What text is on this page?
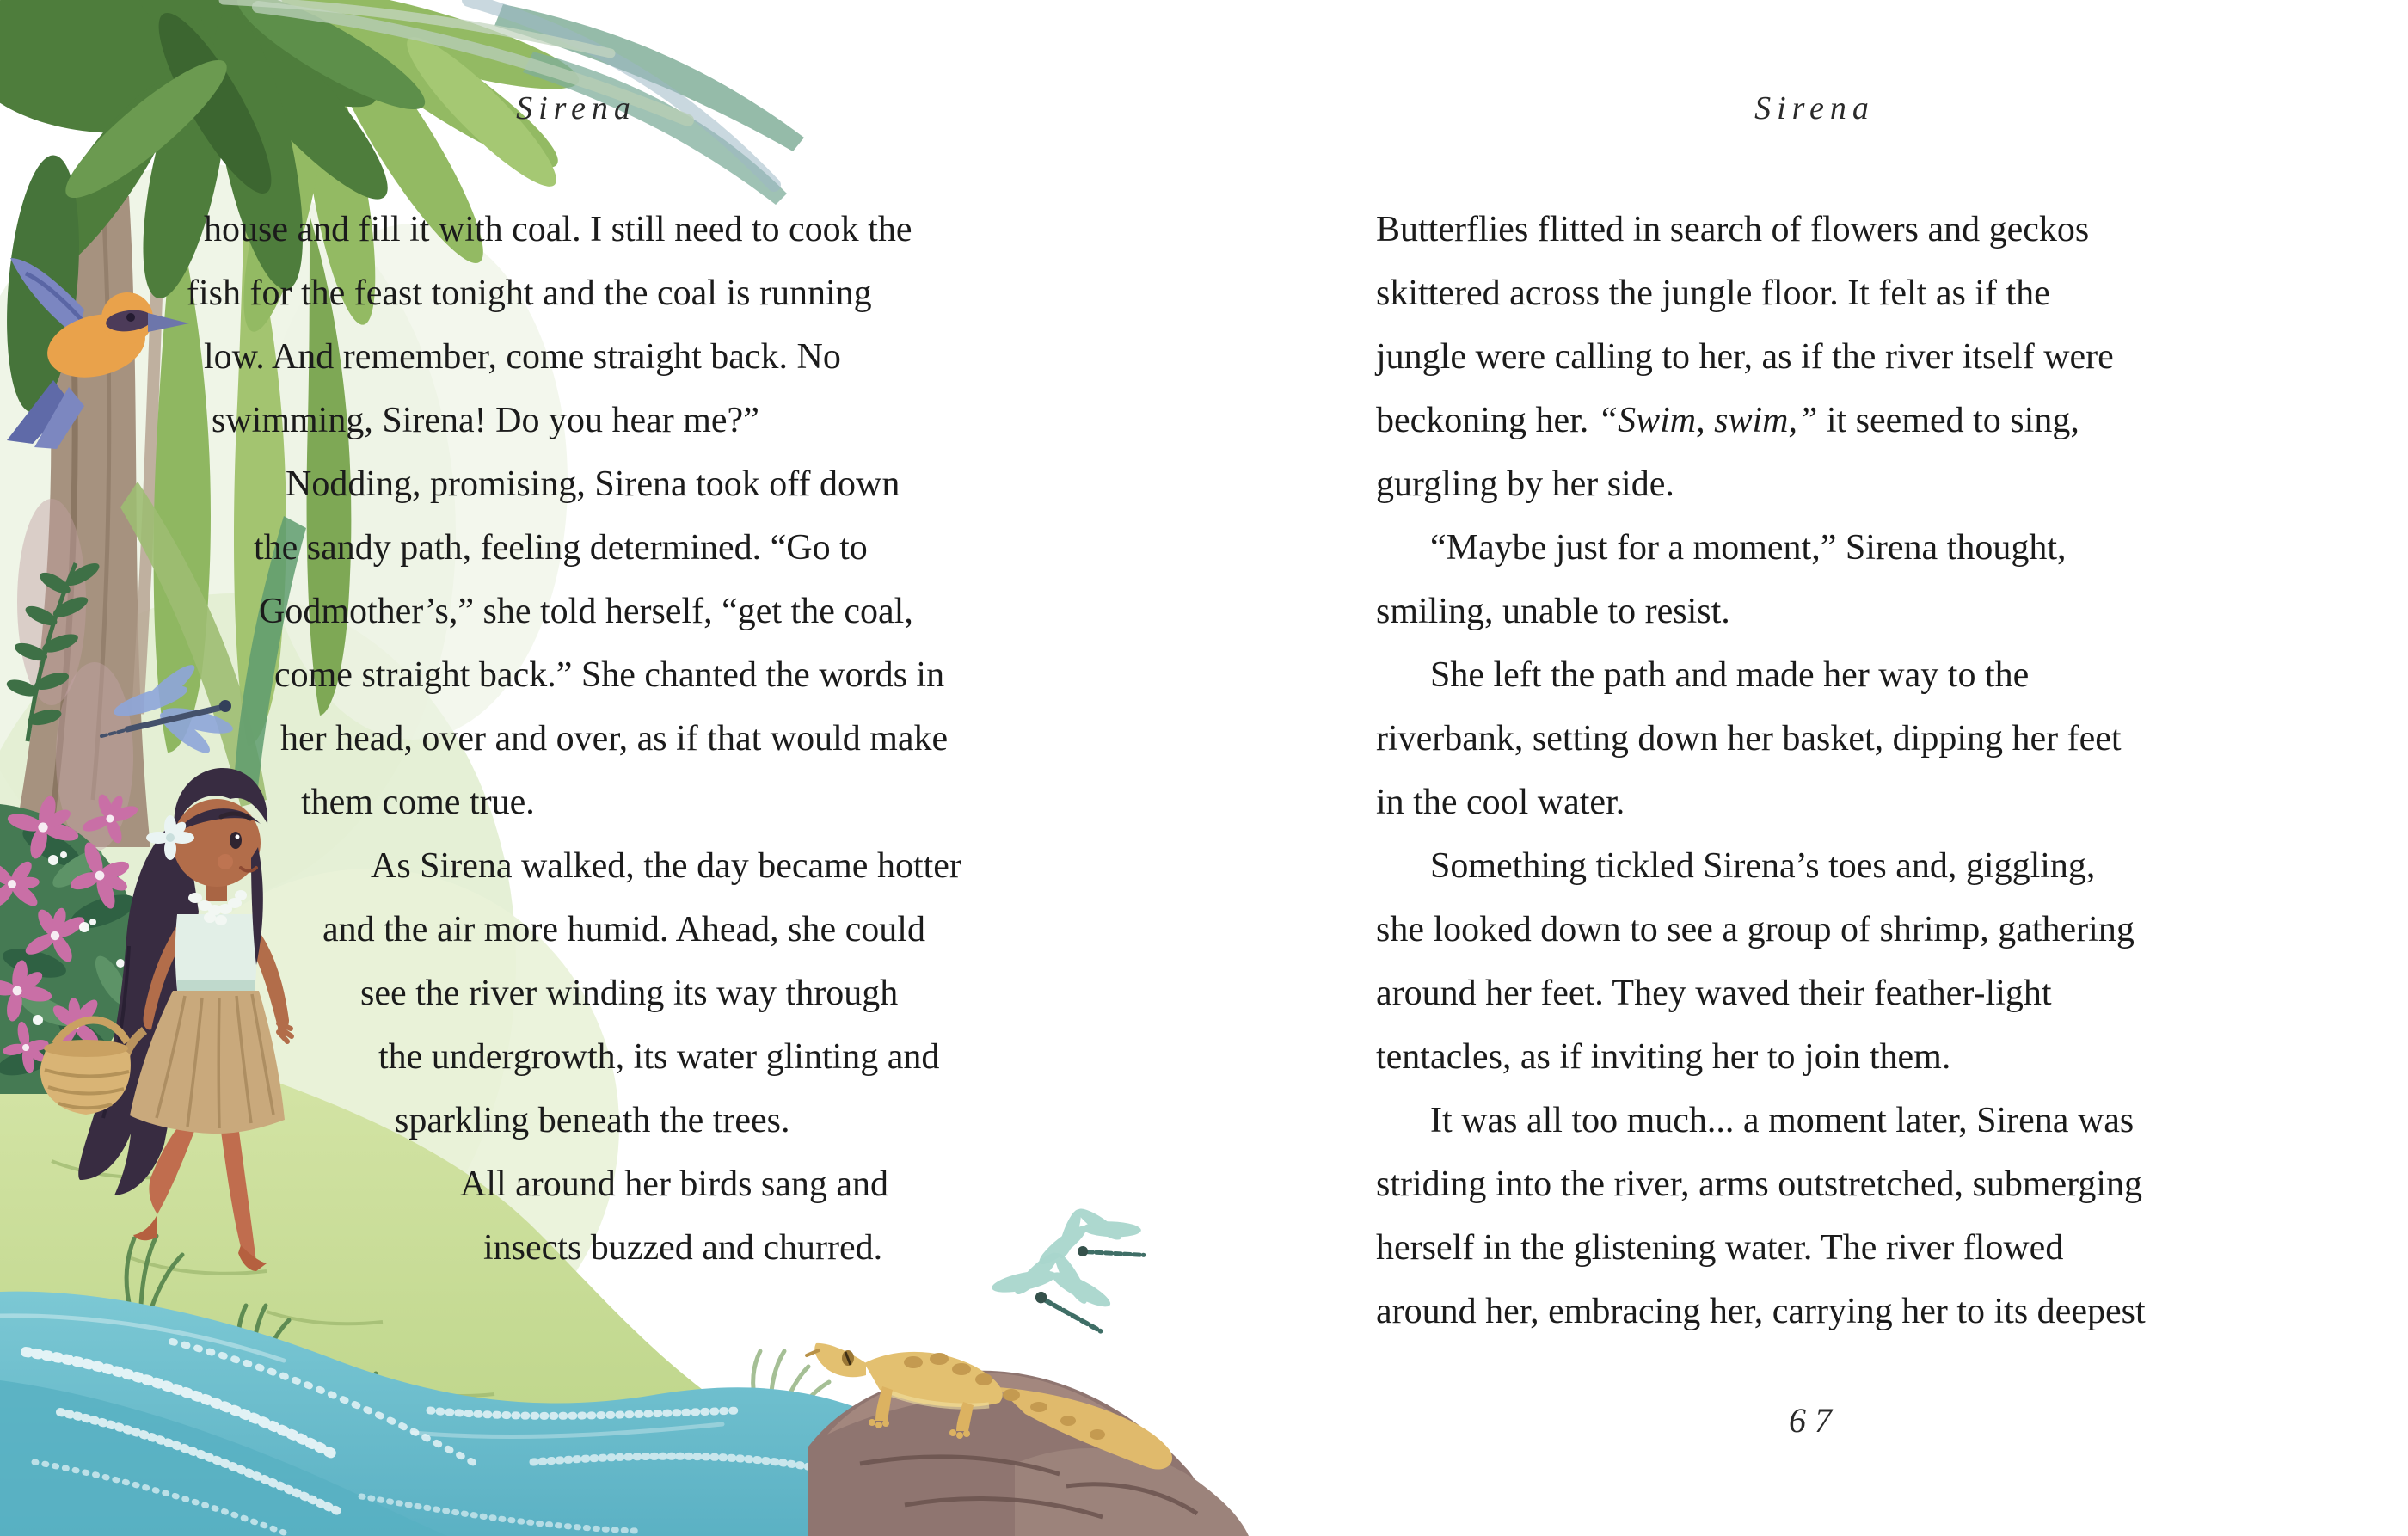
Sirena	Sirena

house and fill it with coal. I still need to cook the

fish for the feast tonight and the coal is running

low. And remember, come straight back. No

swimming, Sirena! Do you hear me?”

Nodding, promising, Sirena took off down

the sandy path, feeling determined. “Go to

Godmother’s,” she told herself, “get the coal,

come straight back.” She chanted the words in

her head, over and over, as if that would make

them come true.

As Sirena walked, the day became hotter

and the air more humid. Ahead, she could

see the river winding its way through

the undergrowth, its water glinting and

sparkling beneath the trees.

All around her birds sang and

insects buzzed and churred.

Butterflies flitted in search of flowers and geckos

skittered across the jungle floor. It felt as if the

jungle were calling to her, as if the river itself were

beckoning her. “Swim, swim,” it seemed to sing,

gurgling by her side.

“Maybe just for a moment,” Sirena thought,

smiling, unable to resist.

She left the path and made her way to the

riverbank, setting down her basket, dipping her feet

in the cool water.

Something tickled Sirena’s toes and, giggling,

she looked down to see a group of shrimp, gathering

around her feet. They waved their feather-light

tentacles, as if inviting her to join them.

It was all too much... a moment later, Sirena was

striding into the river, arms outstretched, submerging

herself in the glistening water. The river flowed

around her, embracing her, carrying her to its deepest

67
